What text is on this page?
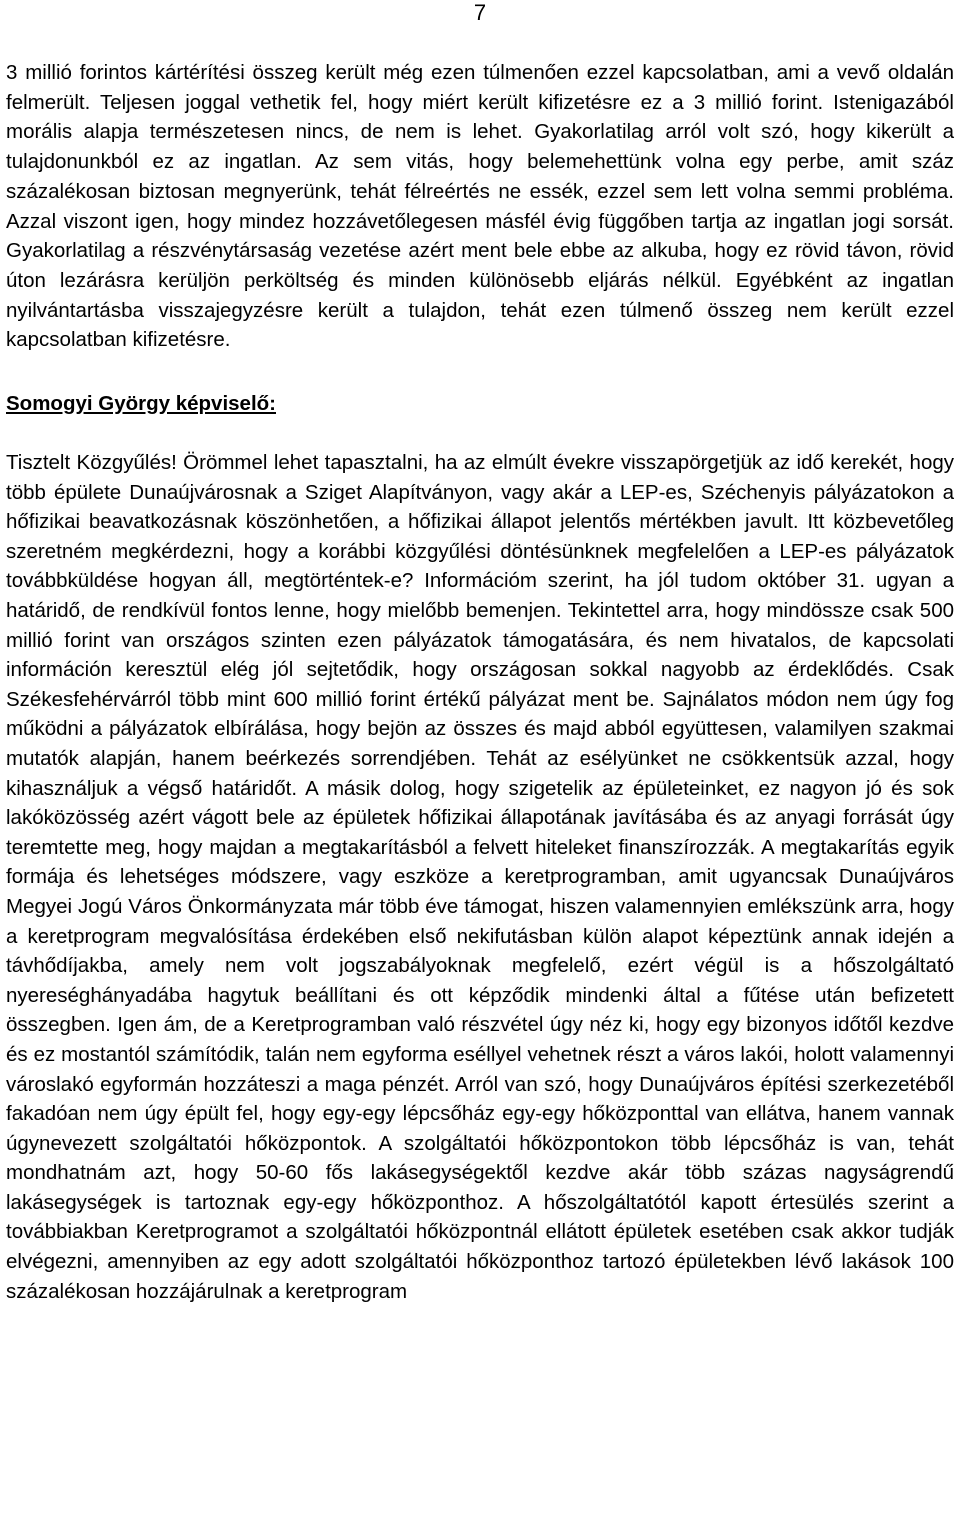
7

3 millió forintos kártérítési összeg került még ezen túlmenően ezzel kapcsolatban, ami a vevő oldalán felmerült. Teljesen joggal vethetik fel, hogy miért került kifizetésre ez a 3 millió forint. Istenigazából morális alapja természetesen nincs, de nem is lehet. Gyakorlatilag arról volt szó, hogy kikerült a tulajdonunkból ez az ingatlan. Az sem vitás, hogy belemehettünk volna egy perbe, amit száz százalékosan biztosan megnyerünk, tehát félreértés ne essék, ezzel sem lett volna semmi probléma. Azzal viszont igen, hogy mindez hozzávetőlegesen másfél évig függőben tartja az ingatlan jogi sorsát. Gyakorlatilag a részvénytársaság vezetése azért ment bele ebbe az alkuba, hogy ez rövid távon, rövid úton lezárásra kerüljön perköltség és minden különösebb eljárás nélkül. Egyébként az ingatlan nyilvántartásba visszajegyzésre került a tulajdon, tehát ezen túlmenő összeg nem került ezzel kapcsolatban kifizetésre.

Somogyi György képviselő:

Tisztelt Közgyűlés! Örömmel lehet tapasztalni, ha az elmúlt évekre visszapörgetjük az idő kerekét, hogy több épülete Dunaújvárosnak a Sziget Alapítványon, vagy akár a LEP-es, Széchenyis pályázatokon a hőfizikai beavatkozásnak köszönhetően, a hőfizikai állapot jelentős mértékben javult. Itt közbevetőleg szeretném megkérdezni, hogy a korábbi közgyűlési döntésünknek megfelelően a LEP-es pályázatok továbbküldése hogyan áll, megtörténtek-e? Információm szerint, ha jól tudom október 31. ugyan a határidő, de rendkívül fontos lenne, hogy mielőbb bemenjen. Tekintettel arra, hogy mindössze csak 500 millió forint van országos szinten ezen pályázatok támogatására, és nem hivatalos, de kapcsolati információn keresztül elég jól sejtetődik, hogy országosan sokkal nagyobb az érdeklődés. Csak Székesfehérvárról több mint 600 millió forint értékű pályázat ment be. Sajnálatos módon nem úgy fog működni a pályázatok elbírálása, hogy bejön az összes és majd abból együttesen, valamilyen szakmai mutatók alapján, hanem beérkezés sorrendjében. Tehát az esélyünket ne csökkentsük azzal, hogy kihasználjuk a végső határidőt. A másik dolog, hogy szigetelik az épületeinket, ez nagyon jó és sok lakóközösség azért vágott bele az épületek hőfizikai állapotának javításába és az anyagi forrását úgy teremtette meg, hogy majdan a megtakarításból a felvett hiteleket finanszírozzák. A megtakarítás egyik formája és lehetséges módszere, vagy eszköze a keretprogramban, amit ugyancsak Dunaújváros Megyei Jogú Város Önkormányzata már több éve támogat, hiszen valamennyien emlékszünk arra, hogy a keretprogram megvalósítása érdekében első nekifutásban külön alapot képeztünk annak idején a távhődíjakba, amely nem volt jogszabályoknak megfelelő, ezért végül is a hőszolgáltató nyereséghányadába hagytuk beállítani és ott képződik mindenki által a fűtése után befizetett összegben. Igen ám, de a Keretprogramban való részvétel úgy néz ki, hogy egy bizonyos időtől kezdve és ez mostantól számítódik, talán nem egyforma eséllyel vehetnek részt a város lakói, holott valamennyi városlakó egyformán hozzáteszi a maga pénzét. Arról van szó, hogy Dunaújváros építési szerkezetéből fakadóan nem úgy épült fel, hogy egy-egy lépcsőház egy-egy hőközponttal van ellátva, hanem vannak úgynevezett szolgáltatói hőközpontok. A szolgáltatói hőközpontokon több lépcsőház is van, tehát mondhatnám azt, hogy 50-60 fős lakásegységektől kezdve akár több százas nagyságrendű lakásegységek is tartoznak egy-egy hőközponthoz. A hőszolgáltatótól kapott értesülés szerint a továbbiakban Keretprogramot a szolgáltatói hőközpontnál ellátott épületek esetében csak akkor tudják elvégezni, amennyiben az egy adott szolgáltatói hőközponthoz tartozó épületekben lévő lakások 100 százalékosan hozzájárulnak a keretprogram
